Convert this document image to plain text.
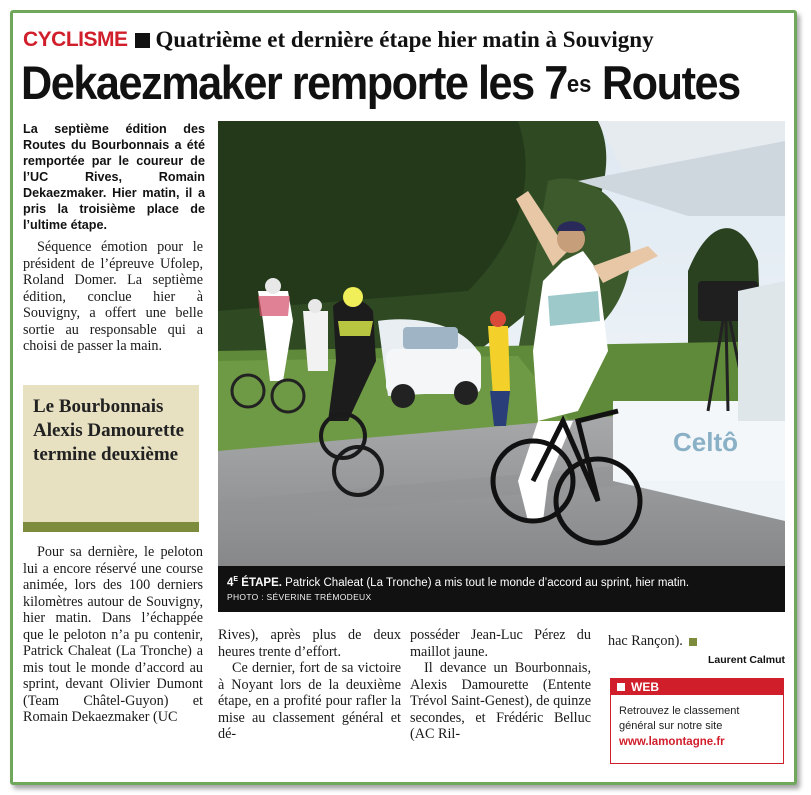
CYCLISME Quatrième et dernière étape hier matin à Souvigny
Dekaezmaker remporte les $7^{es}$ Routes
La septième édition des Routes du Bourbonnais a été remportée par le coureur de l’UC Rives, Romain Dekaezmaker. Hier matin, il a pris la troisième place de l’ultime étape.

Séquence émotion pour le président de l’épreuve Ufolep, Roland Domer. La septième édition, conclue hier à Souvigny, a offert une belle sortie au responsable qui a choisi de passer la main.

Le Bourbonnais Alexis Damourette termine deuxième

Pour sa dernière, le peloton lui a encore réservé une course animée, lors des 100 derniers kilomètres autour de Souvigny, hier matin. Dans l’échappée que le peloton n’a pu contenir, Patrick Chaleat (La Tronche) a mis tout le monde d’accord au sprint, devant Olivier Dumont (Team Châtel-Guyon) et Romain Dekaezmaker (UC

Celtô
$4^E$ ÉTAPE. Patrick Chaleat (La Tronche) a mis tout le monde d’accord au sprint, hier matin.
PHOTO : SÉVERINE TRÉMODEUX

Rives), après plus de deux heures trente d’effort.

Ce dernier, fort de sa victoire à Noyant lors de la deuxième étape, en a profité pour rafler la mise au classement général et dé-

posséder Jean-Luc Pérez du maillot jaune.

Il devance un Bourbonnais, Alexis Damourette (Entente Trévol Saint-Genest), de quinze secondes, et Frédéric Belluc (AC Ril-

hac Rançon).
Laurent Calmut
WEB
Retrouvez le classement général sur notre site
www.lamontagne.fr
